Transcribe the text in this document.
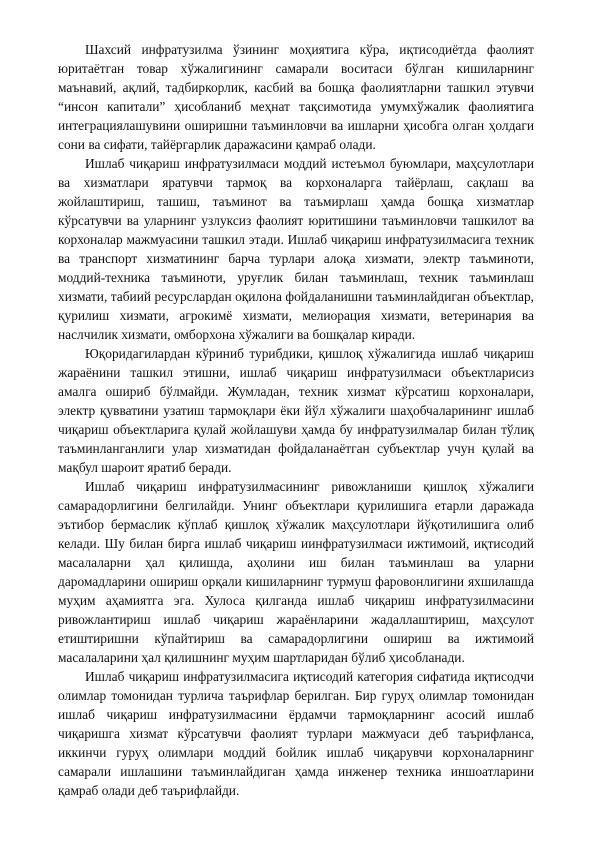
Шахсий инфратузилма ўзининг моҳиятига кўра, иқтисодиётда фаолият юритаётган товар хўжалигининг самарали воситаси бўлган кишиларнинг маънавий, ақлий, тадбиркорлик, касбий ва бошқа фаолиятларни ташкил этувчи “инсон капитали” ҳисобланиб меҳнат тақсимотида умумхўжалик фаолиятига интеграциялашувини оширишни таъминловчи ва ишларни ҳисобга олган ҳолдаги сони ва сифати, тайёргарлик даражасини қамраб олади.

Ишлаб чиқариш инфратузилмаси моддий истеъмол буюмлари, маҳсулотлари ва хизматлари яратувчи тармоқ ва корхоналарга тайёрлаш, сақлаш ва жойлаштириш, ташиш, таъминот ва таъмирлаш ҳамда бошқа хизматлар кўрсатувчи ва уларнинг узлуксиз фаолият юритишини таъминловчи ташкилот ва корхоналар мажмуасини ташкил этади. Ишлаб чиқариш инфратузилмасига техник ва транспорт хизматининг барча турлари алоқа хизмати, электр таъминоти, моддий-техника таъминоти, уруғлик билан таъминлаш, техник таъминлаш хизмати, табиий ресурслардан оқилона фойдаланишни таъминлайдиган объектлар, қурилиш хизмати, агрокимё хизмати, мелиорация хизмати, ветеринария ва наслчилик хизмати, омборхона хўжалиги ва бошқалар киради.

Юқоридагилардан кўриниб турибдики, қишлоқ хўжалигида ишлаб чиқариш жараёнини ташкил этишни, ишлаб чиқариш инфратузилмаси объектларисиз амалга ошириб бўлмайди. Жумладан, техник хизмат кўрсатиш корхоналари, электр қувватини узатиш тармоқлари ёки йўл хўжалиги шаҳобчаларининг ишлаб чиқариш объектларига қулай жойлашуви ҳамда бу инфратузилмалар билан тўлиқ таъминланганлиги улар хизматидан фойдаланаётган субъектлар учун қулай ва мақбул шароит яратиб беради.

Ишлаб чиқариш инфратузилмасининг ривожланиши қишлоқ хўжалиги самарадорлигини белгилайди. Унинг объектлари қурилишига етарли даражада эътибор бермаслик кўплаб қишлоқ хўжалик маҳсулотлари йўқотилишига олиб келади. Шу билан бирга ишлаб чиқариш иинфратузилмаси ижтимоий, иқтисодий масалаларни ҳал қилишда, аҳолини иш билан таъминлаш ва уларни даромадларини ошириш орқали кишиларнинг турмуш фаровонлигини яхшилашда муҳим аҳамиятга эга. Хулоса қилганда ишлаб чиқариш инфратузилмасини ривожлантириш ишлаб чиқариш жараёнларини жадаллаштириш, маҳсулот етиштиришни кўпайтириш ва самарадорлигини ошириш ва ижтимоий масалаларини ҳал қилишнинг муҳим шартларидан бўлиб ҳисобланади.

Ишлаб чиқариш инфратузилмасига иқтисодий категория сифатида иқтисодчи олимлар томонидан турлича таърифлар берилган. Бир гуруҳ олимлар томонидан ишлаб чиқариш инфратузилмасини ёрдамчи тармоқларнинг асосий ишлаб чиқаришга хизмат кўрсатувчи фаолият турлари мажмуаси деб таърифланса, иккинчи гуруҳ олимлари моддий бойлик ишлаб чиқарувчи корхоналарнинг самарали ишлашини таъминлайдиган ҳамда инженер техника иншоатларини қамраб олади деб таърифлайди.
